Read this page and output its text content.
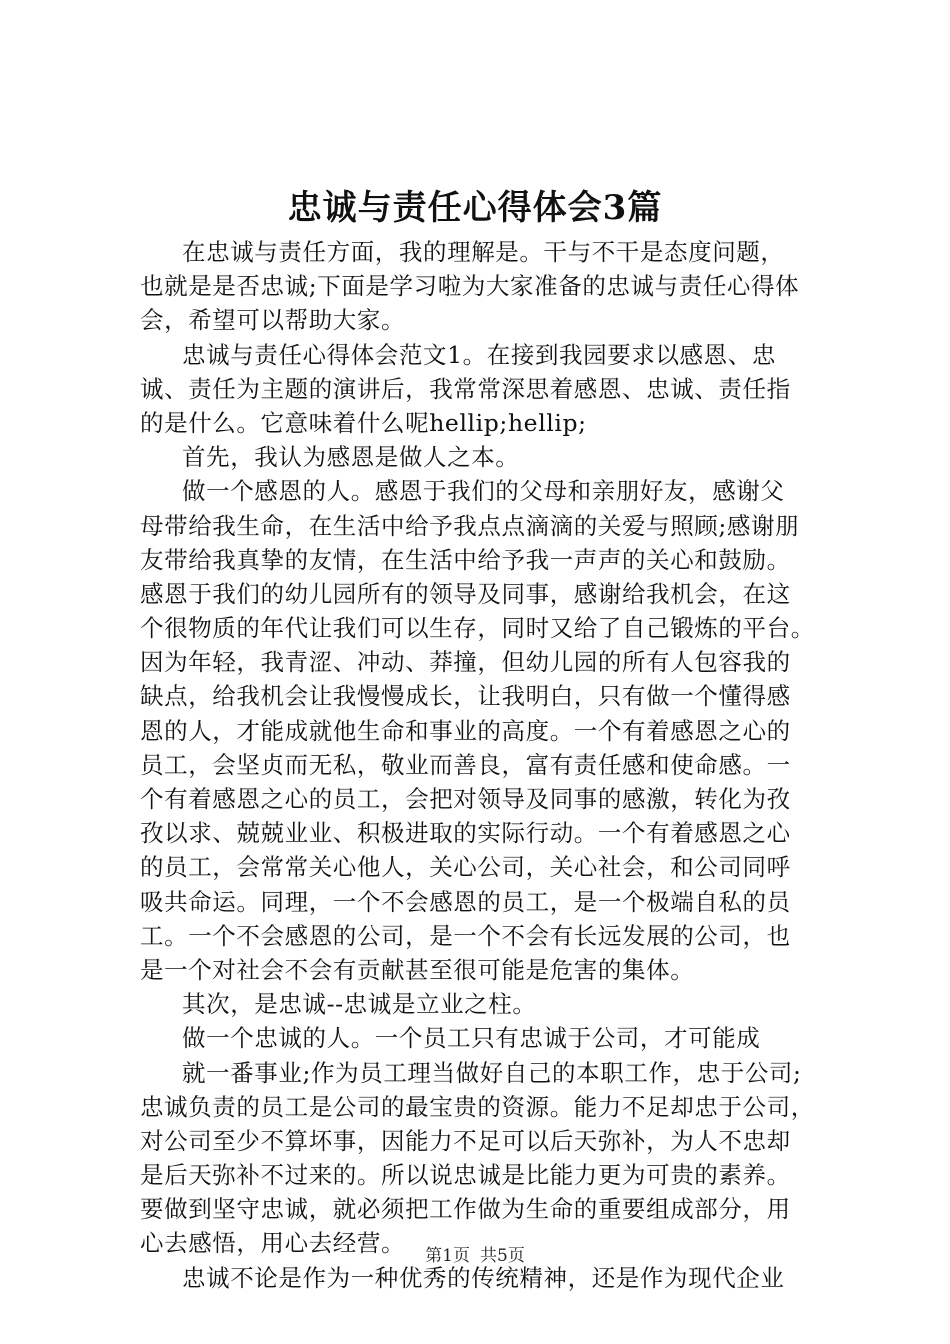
忠诚与责任心得体会3篇
在忠诚与责任方面，我的理解是。干与不干是态度问题，
也就是是否忠诚;下面是学习啦为大家准备的忠诚与责任心得体
会，希望可以帮助大家。
忠诚与责任心得体会范文1。在接到我园要求以感恩、忠
诚、责任为主题的演讲后，我常常深思着感恩、忠诚、责任指
的是什么。它意味着什么呢hellip;hellip;
首先，我认为感恩是做人之本。
做一个感恩的人。感恩于我们的父母和亲朋好友，感谢父
母带给我生命，在生活中给予我点点滴滴的关爱与照顾;感谢朋
友带给我真挚的友情，在生活中给予我一声声的关心和鼓励。
感恩于我们的幼儿园所有的领导及同事，感谢给我机会，在这
个很物质的年代让我们可以生存，同时又给了自己锻炼的平台。
因为年轻，我青涩、冲动、莽撞，但幼儿园的所有人包容我的
缺点，给我机会让我慢慢成长，让我明白，只有做一个懂得感
恩的人，才能成就他生命和事业的高度。一个有着感恩之心的
员工，会坚贞而无私，敬业而善良，富有责任感和使命感。一
个有着感恩之心的员工，会把对领导及同事的感激，转化为孜
孜以求、兢兢业业、积极进取的实际行动。一个有着感恩之心
的员工，会常常关心他人，关心公司，关心社会，和公司同呼
吸共命运。同理，一个不会感恩的员工，是一个极端自私的员
工。一个不会感恩的公司，是一个不会有长远发展的公司，也
是一个对社会不会有贡献甚至很可能是危害的集体。
其次，是忠诚--忠诚是立业之柱。
做一个忠诚的人。一个员工只有忠诚于公司，才可能成
就一番事业;作为员工理当做好自己的本职工作，忠于公司;
忠诚负责的员工是公司的最宝贵的资源。能力不足却忠于公司，
对公司至少不算坏事，因能力不足可以后天弥补，为人不忠却
是后天弥补不过来的。所以说忠诚是比能力更为可贵的素养。
要做到坚守忠诚，就必须把工作做为生命的重要组成部分，用
心去感悟，用心去经营。
忠诚不论是作为一种优秀的传统精神，还是作为现代企业
第1页 共5页
